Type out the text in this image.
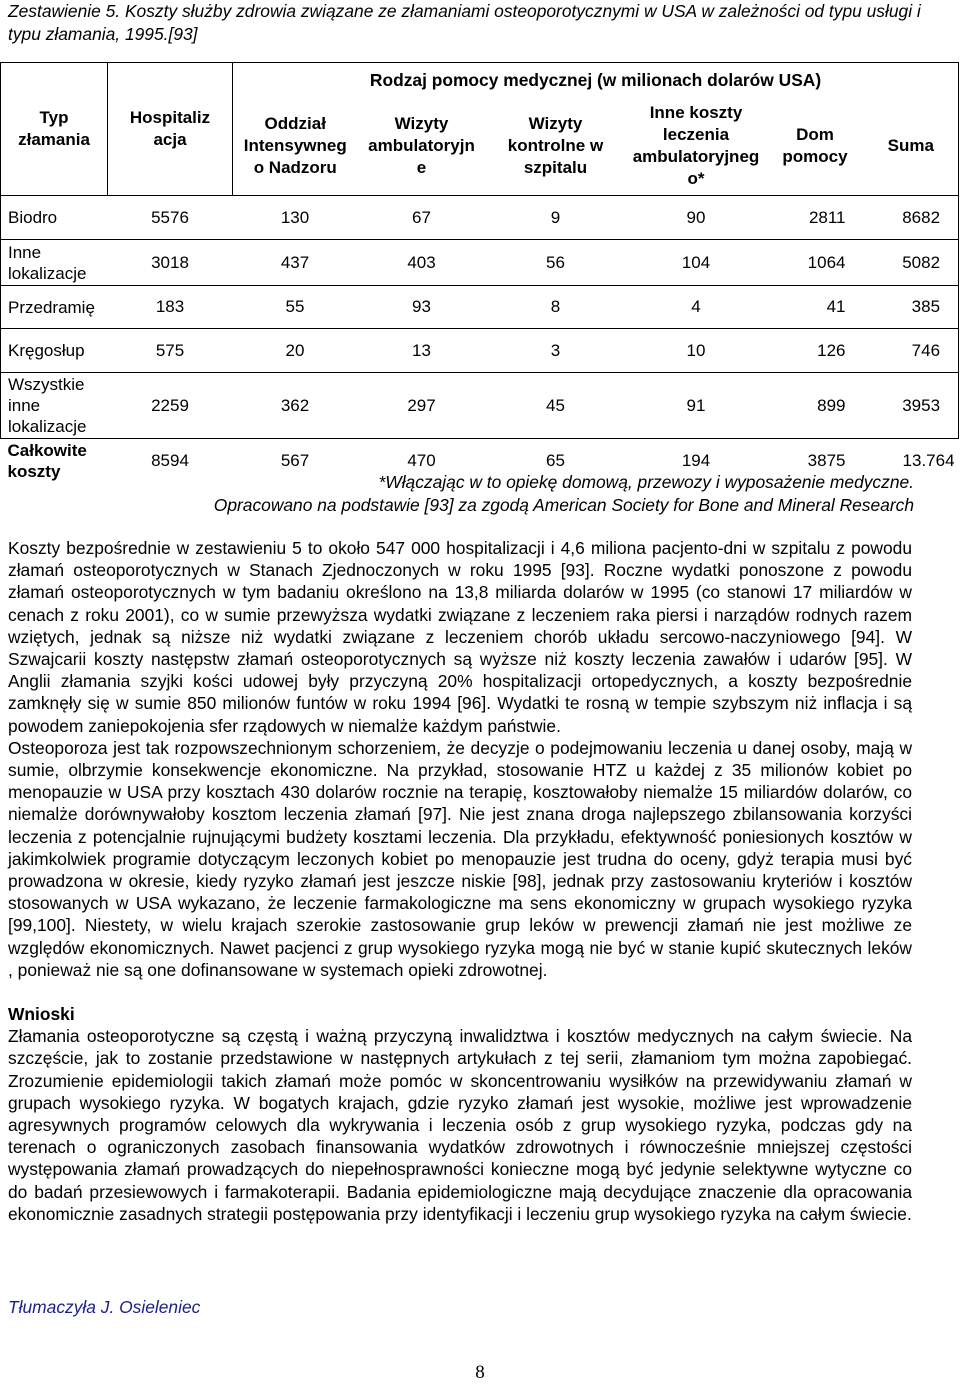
Zestawienie 5. Koszty służby zdrowia związane ze złamaniami osteoporotycznymi w USA w zależności od typu usługi i typu złamania, 1995.[93]
Typ złamania	Hospitaliz acja	Rodzaj pomocy medycznej (w milionach dolarów USA)					
		Oddział Intensywneg o Nadzoru	Wizyty ambulatoryjn e	Wizyty kontrolne w szpitalu	Inne koszty leczenia ambulatoryjneg o*	Dom pomocy	Suma
Biodro	5576	130	67	9	90	2811	8682
Inne lokalizacje	3018	437	403	56	104	1064	5082
Przedramię	183	55	93	8	4	41	385
Kręgosłup	575	20	13	3	10	126	746
Wszystkie inne lokalizacje	2259	362	297	45	91	899	3953
Całkowite koszty	8594	567	470	65	194	3875	13.764
*Włączając w to opiekę domową, przewozy i wyposażenie medyczne.
Opracowano na podstawie [93] za zgodą American Society for Bone and Mineral Research

Koszty bezpośrednie w zestawieniu 5 to około 547 000 hospitalizacji i 4,6 miliona pacjento-dni w szpitalu z powodu złamań osteoporotycznych w Stanach Zjednoczonych w roku 1995 [93]. Roczne wydatki ponoszone z powodu złamań osteoporotycznych w tym badaniu określono na 13,8 miliarda dolarów w 1995 (co stanowi 17 miliardów w cenach z roku 2001), co w sumie przewyższa wydatki związane z leczeniem raka piersi i narządów rodnych razem wziętych, jednak są niższe niż wydatki związane z leczeniem chorób układu sercowo-naczyniowego [94]. W Szwajcarii koszty następstw złamań osteoporotycznych są wyższe niż koszty leczenia zawałów i udarów [95]. W Anglii złamania szyjki kości udowej były przyczyną 20% hospitalizacji ortopedycznych, a koszty bezpośrednie zamknęły się w sumie 850 milionów funtów w roku 1994 [96]. Wydatki te rosną w tempie szybszym niż inflacja i są powodem zaniepokojenia sfer rządowych w niemalże każdym państwie.

Osteoporoza jest tak rozpowszechnionym schorzeniem, że decyzje o podejmowaniu leczenia u danej osoby, mają w sumie, olbrzymie konsekwencje ekonomiczne. Na przykład, stosowanie HTZ u każdej z 35 milionów kobiet po menopauzie w USA przy kosztach 430 dolarów rocznie na terapię, kosztowałoby niemalże 15 miliardów dolarów, co niemalże dorównywałoby kosztom leczenia złamań [97]. Nie jest znana droga najlepszego zbilansowania korzyści leczenia z potencjalnie rujnującymi budżety kosztami leczenia. Dla przykładu, efektywność poniesionych kosztów w jakimkolwiek programie dotyczącym leczonych kobiet po menopauzie jest trudna do oceny, gdyż terapia musi być prowadzona w okresie, kiedy ryzyko złamań jest jeszcze niskie [98], jednak przy zastosowaniu kryteriów i kosztów stosowanych w USA wykazano, że leczenie farmakologiczne ma sens ekonomiczny w grupach wysokiego ryzyka [99,100]. Niestety, w wielu krajach szerokie zastosowanie grup leków w prewencji złamań nie jest możliwe ze względów ekonomicznych. Nawet pacjenci z grup wysokiego ryzyka mogą nie być w stanie kupić skutecznych leków , ponieważ nie są one dofinansowane w systemach opieki zdrowotnej.

Wnioski

Złamania osteoporotyczne są częstą i ważną przyczyną inwalidztwa i kosztów medycznych na całym świecie. Na szczęście, jak to zostanie przedstawione w następnych artykułach z tej serii, złamaniom tym można zapobiegać. Zrozumienie epidemiologii takich złamań może pomóc w skoncentrowaniu wysiłków na przewidywaniu złamań w grupach wysokiego ryzyka. W bogatych krajach, gdzie ryzyko złamań jest wysokie, możliwe jest wprowadzenie agresywnych programów celowych dla wykrywania i leczenia osób z grup wysokiego ryzyka, podczas gdy na terenach o ograniczonych zasobach finansowania wydatków zdrowotnych i równocześnie mniejszej częstości występowania złamań prowadzących do niepełnosprawności konieczne mogą być jedynie selektywne wytyczne co do badań przesiewowych i farmakoterapii. Badania epidemiologiczne mają decydujące znaczenie dla opracowania ekonomicznie zasadnych strategii postępowania przy identyfikacji i leczeniu grup wysokiego ryzyka na całym świecie.

Tłumaczyła J. Osieleniec
8
